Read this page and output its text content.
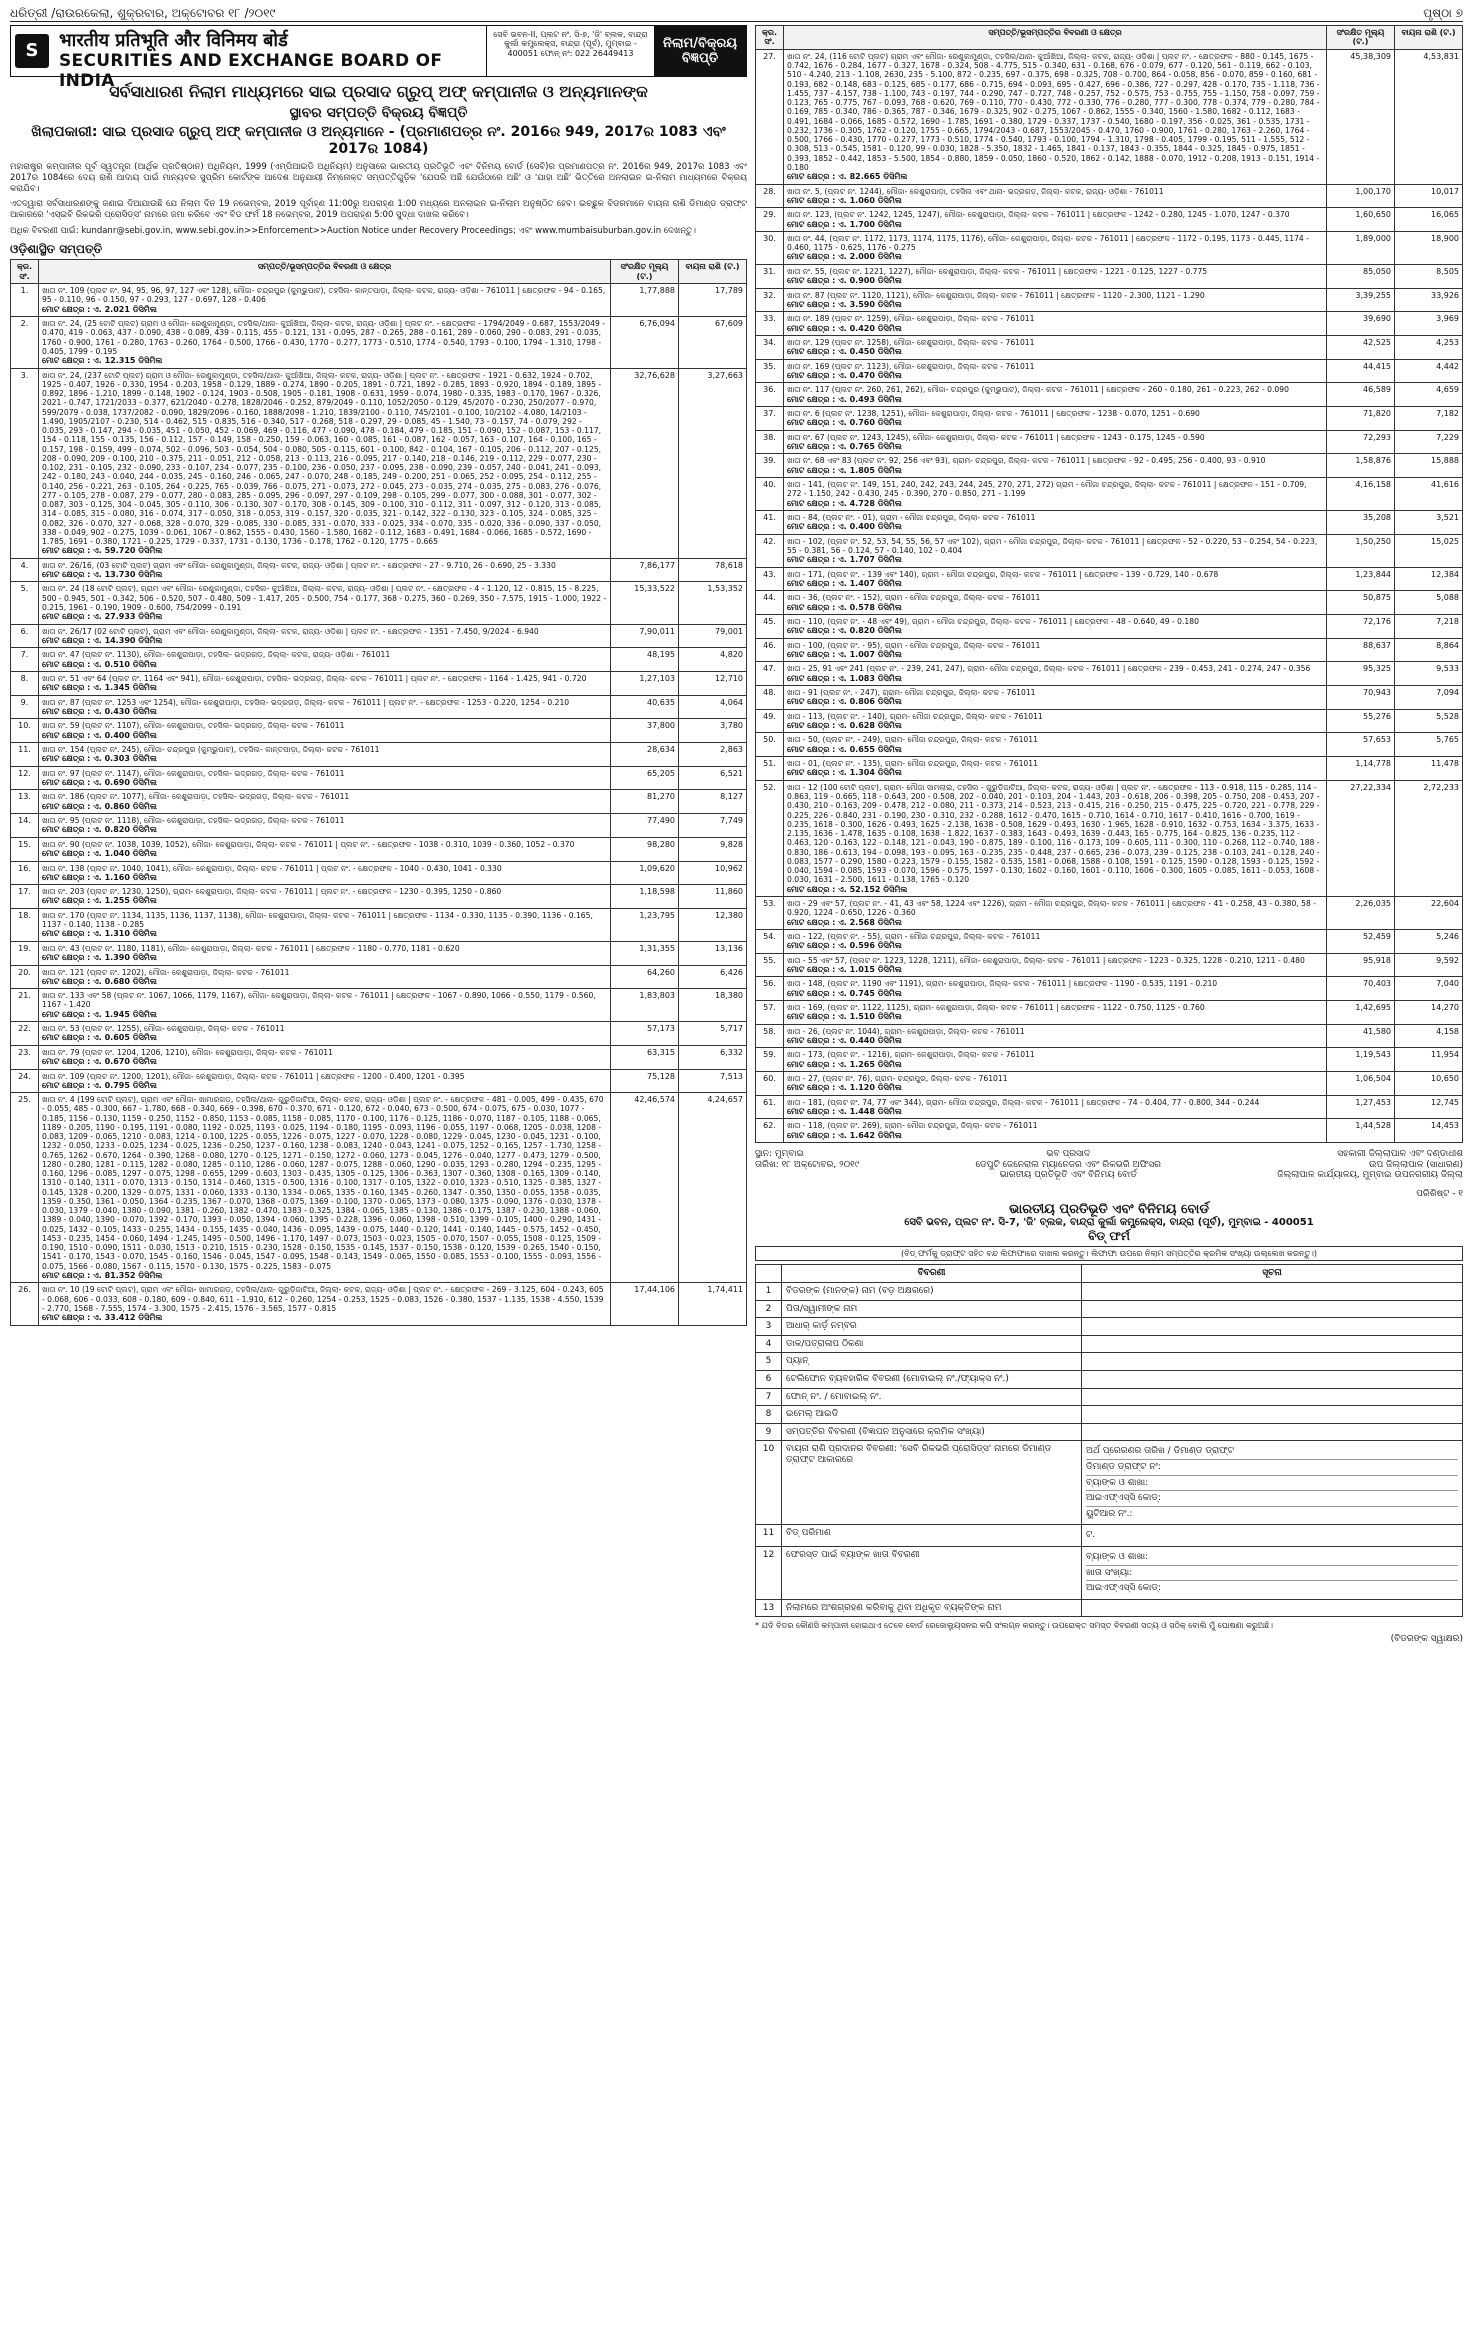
ଧରିତ୍ରୀ /ରାଉରକେଲା, ଶୁକ୍ରବାର, ଅକ୍ଟୋବର ୧୮ /୨୦୧୯	ପୃଷ୍ଠା ୭
S	भारतीय प्रतिभूति और विनिमय बोर्ड
SECURITIES AND EXCHANGE BOARD OF INDIA
ସେବି ଭବନ-II, ପ୍ଲଟ ନଂ. ସି-୭, 'ଜି' ବ୍ଲକ, ବାନ୍ଦ୍ରା କୁର୍ଲା କମ୍ପ୍ଲେକ୍ସ, ବାନ୍ଦ୍ରା (ପୂର୍ବ), ମୁମ୍ବାଇ - 400051 ଫୋନ୍ ନଂ: 022 26449413
ନିଲାମ/ବିକ୍ରୟ ବିଜ୍ଞପ୍ତି
ସର୍ବସାଧାରଣ ନିଲାମ ମାଧ୍ୟମରେ ସାଇ ପ୍ରସାଦ ଗ୍ରୁପ୍ ଅଫ୍ କମ୍ପାନୀଜ ଓ ଅନ୍ୟମାନଙ୍କ
ସ୍ଥାବର ସମ୍ପତ୍ତି ବିକ୍ରୟ ବିଜ୍ଞପ୍ତି
ଖିଲାପକାରୀ: ସାଇ ପ୍ରସାଦ ଗ୍ରୁପ୍ ଅଫ୍ କମ୍ପାନୀଜ ଓ ଅନ୍ୟମାନେ - (ପ୍ରମାଣପତ୍ର ନଂ. 2016ର 949, 2017ର 1083 ଏବଂ 2017ର 1084)
ମହାରାଷ୍ଟ୍ର କମ୍ପାନୀର ପୂର୍ବ ସ୍ୱତନ୍ତ୍ର (ଆର୍ଥିକ ପ୍ରତିଷ୍ଠାନ) ଅଧିନିୟମ, 1999 (ଏମ୍‌ପିଆଇଡି ଅଧିନିୟମ) ଅନୁସାରେ ଭାରତୀୟ ପ୍ରତିଭୂତି ଏବଂ ବିନିମୟ ବୋର୍ଡ (ସେବି)ର ପ୍ରମାଣପତ୍ର ନଂ. 2016ର 949, 2017ର 1083 ଏବଂ 2017ର 1084ରେ ଦେୟ ରାଶି ଆଦାୟ ପାଇଁ ମାନ୍ୟବର ସୁପ୍ରିମ କୋର୍ଟଙ୍କ ଆଦେଶ ଅନୁଯାୟୀ ନିମ୍ନୋକ୍ତ ସମ୍ପତ୍ତିଗୁଡ଼ିକ 'ଯେପରି ଅଛି ଯେଉଁଠାରେ ଅଛି' ଓ 'ଯାହା ଅଛି' ଭିତ୍ତିରେ ଅନଲାଇନ ଇ-ନିଲାମ ମାଧ୍ୟମରେ ବିକ୍ରୟ କରାଯିବ।
ଏତଦ୍ୱାରା ସର୍ବସାଧାରଣଙ୍କୁ ଜଣାଇ ଦିଆଯାଉଛି ଯେ ନିଲାମ ଦିନ 19 ନଭେମ୍ବର, 2019 ପୂର୍ବାହ୍ଣ 11:00ରୁ ଅପରାହ୍ଣ 1:00 ମଧ୍ୟରେ ଅନଲାଇନ ଇ-ନିଲାମ ଅନୁଷ୍ଠିତ ହେବ। ଇଚ୍ଛୁକ ବିଡରମାନେ ବାୟନା ରାଶି ଡିମାଣ୍ଡ ଡ୍ରାଫ୍ଟ ଆକାରରେ 'ଏସ୍‌ଇବି ରିକଭରି ପ୍ରୋସିଡ୍‌ସ' ନାମରେ ଜମା କରିବେ ଏବଂ ବିଡ ଫର୍ମ 18 ନଭେମ୍ବର, 2019 ଅପରାହ୍ଣ 5:00 ସୁଦ୍ଧା ଦାଖଲ କରିବେ।
ଅଧିକ ବିବରଣୀ ପାଇଁ: kundanr@sebi.gov.in, www.sebi.gov.in>>Enforcement>>Auction Notice under Recovery Proceedings; ଏବଂ www.mumbaisuburban.gov.in ଦେଖନ୍ତୁ।
ଓଡ଼ିଶାସ୍ଥିତ ସମ୍ପତ୍ତି
କ୍ର. ସଂ.	ସମ୍ପତ୍ତି/ଭୂସମ୍ପତ୍ତିର ବିବରଣୀ ଓ କ୍ଷେତ୍ର	ସଂରକ୍ଷିତ ମୂଲ୍ୟ (ଟ.)	ବାୟନା ରାଶି (ଟ.)
1.	ଖାତା ନଂ. 109 (ପ୍ଲଟ ନଂ. 94, 95, 96, 97, 127 ଏବଂ 128), ମୌଜା- ଚନ୍ଦ୍ରପୁର (କୁମ୍ଭୁପାଟ), ତହସିଲ- କାନ୍ତପାଡ଼ା, ଜିଲ୍ଲା- କଟକ, ରାଜ୍ୟ- ଓଡ଼ିଶା - 761011 | କ୍ଷେତ୍ରଫଳ - 94 - 0.165, 95 - 0.110, 96 - 0.150, 97 - 0.293, 127 - 0.697, 128 - 0.406
ମୋଟ କ୍ଷେତ୍ର : ଏ. 2.021 ଡିସିମିଲ	1,77,888	17,789
2.	ଖାତା ନଂ. 24, (25 ଟୋଟି ପ୍ଲଟ) ଗ୍ରାମ ଓ ମୌଜା- ରେଣୁକାମୁଣ୍ଡା, ତହସିଲ/ଥାନା- କୁଆଁଖିଆ, ଜିଲ୍ଲା- କଟକ, ରାଜ୍ୟ- ଓଡ଼ିଶା | ପ୍ଲଟ ନଂ. - କ୍ଷେତ୍ରଫଳ - 1794/2049 - 0.687, 1553/2049 - 0.470, 419 - 0.063, 437 - 0.090, 438 - 0.089, 439 - 0.115, 455 - 0.121, 131 - 0.095, 287 - 0.265, 288 - 0.161, 289 - 0.060, 290 - 0.083, 291 - 0.035, 1760 - 0.900, 1761 - 0.280, 1763 - 0.260, 1764 - 0.500, 1766 - 0.430, 1770 - 0.277, 1773 - 0.510, 1774 - 0.540, 1793 - 0.100, 1794 - 1.310, 1798 - 0.405, 1799 - 0.195
ମୋଟ କ୍ଷେତ୍ର : ଏ. 12.315 ଡିସିମିଲ	6,76,094	67,609
3.	ଖାତା ନଂ. 24, (237 ଟୋଟି ପ୍ଲଟ) ଗ୍ରାମ ଓ ମୌଜା- ରେଣୁକାମୁଣ୍ଡା, ତହସିଲ/ଥାନା- କୁଆଁଖିଆ, ଜିଲ୍ଲା- କଟକ, ରାଜ୍ୟ- ଓଡ଼ିଶା | ପ୍ଲଟ ନଂ. - କ୍ଷେତ୍ରଫଳ - 1921 - 0.632, 1924 - 0.702, 1925 - 0.407, 1926 - 0.330, 1954 - 0.203, 1958 - 0.129, 1889 - 0.274, 1890 - 0.205, 1891 - 0.721, 1892 - 0.285, 1893 - 0.920, 1894 - 0.189, 1895 - 0.892, 1896 - 1.210, 1899 - 0.148, 1902 - 0.124, 1903 - 0.508, 1905 - 0.181, 1908 - 0.631, 1959 - 0.074, 1980 - 0.335, 1983 - 0.170, 1967 - 0.326, 2021 - 0.747, 1721/2033 - 0.377, 621/2040 - 0.278, 1828/2046 - 0.252, 879/2049 - 0.110, 1052/2050 - 0.129, 45/2070 - 0.230, 250/2077 - 0.970, 599/2079 - 0.038, 1737/2082 - 0.090, 1829/2096 - 0.160, 1888/2098 - 1.210, 1839/2100 - 0.110, 745/2101 - 0.100, 10/2102 - 4.080, 14/2103 - 1.490, 1905/2107 - 0.230, 514 - 0.462, 515 - 0.835, 516 - 0.340, 517 - 0.268, 518 - 0.297, 29 - 0.085, 45 - 1.540, 73 - 0.157, 74 - 0.079, 292 - 0.035, 293 - 0.147, 294 - 0.035, 451 - 0.050, 452 - 0.069, 469 - 0.116, 477 - 0.090, 478 - 0.184, 479 - 0.185, 151 - 0.090, 152 - 0.087, 153 - 0.117, 154 - 0.118, 155 - 0.135, 156 - 0.112, 157 - 0.149, 158 - 0.250, 159 - 0.063, 160 - 0.085, 161 - 0.087, 162 - 0.057, 163 - 0.107, 164 - 0.100, 165 - 0.157, 198 - 0.159, 499 - 0.074, 502 - 0.096, 503 - 0.054, 504 - 0.080, 505 - 0.115, 601 - 0.100, 842 - 0.104, 167 - 0.105, 206 - 0.112, 207 - 0.125, 208 - 0.090, 209 - 0.100, 210 - 0.375, 211 - 0.051, 212 - 0.058, 213 - 0.113, 216 - 0.095, 217 - 0.140, 218 - 0.146, 219 - 0.112, 229 - 0.077, 230 - 0.102, 231 - 0.105, 232 - 0.090, 233 - 0.107, 234 - 0.077, 235 - 0.100, 236 - 0.050, 237 - 0.095, 238 - 0.090, 239 - 0.057, 240 - 0.041, 241 - 0.093, 242 - 0.180, 243 - 0.040, 244 - 0.035, 245 - 0.160, 246 - 0.065, 247 - 0.070, 248 - 0.185, 249 - 0.200, 251 - 0.065, 252 - 0.095, 254 - 0.112, 255 - 0.140, 256 - 0.221, 263 - 0.105, 264 - 0.225, 765 - 0.039, 766 - 0.075, 271 - 0.073, 272 - 0.045, 273 - 0.035, 274 - 0.035, 275 - 0.083, 276 - 0.076, 277 - 0.105, 278 - 0.087, 279 - 0.077, 280 - 0.083, 285 - 0.095, 296 - 0.097, 297 - 0.109, 298 - 0.105, 299 - 0.077, 300 - 0.088, 301 - 0.077, 302 - 0.087, 303 - 0.125, 304 - 0.045, 305 - 0.110, 306 - 0.130, 307 - 0.170, 308 - 0.145, 309 - 0.100, 310 - 0.112, 311 - 0.097, 312 - 0.120, 313 - 0.085, 314 - 0.085, 315 - 0.080, 316 - 0.074, 317 - 0.050, 318 - 0.053, 319 - 0.157, 320 - 0.035, 321 - 0.142, 322 - 0.130, 323 - 0.105, 324 - 0.085, 325 - 0.082, 326 - 0.070, 327 - 0.068, 328 - 0.070, 329 - 0.085, 330 - 0.085, 331 - 0.070, 333 - 0.025, 334 - 0.070, 335 - 0.020, 336 - 0.090, 337 - 0.050, 338 - 0.049, 902 - 0.275, 1039 - 0.061, 1067 - 0.862, 1555 - 0.430, 1560 - 1.580, 1682 - 0.112, 1683 - 0.491, 1684 - 0.066, 1685 - 0.572, 1690 - 1.785, 1691 - 0.380, 1721 - 0.225, 1729 - 0.337, 1731 - 0.130, 1736 - 0.178, 1762 - 0.120, 1775 - 0.665
ମୋଟ କ୍ଷେତ୍ର : ଏ. 59.720 ଡିସିମିଲ	32,76,628	3,27,663
4.	ଖାତା ନଂ. 26/16, (03 ଟୋଟି ପ୍ଲଟ) ଗ୍ରାମ ଏବଂ ମୌଜା- ରେଣୁକାମୁଣ୍ଡା, ଜିଲ୍ଲା- କଟକ, ରାଜ୍ୟ- ଓଡ଼ିଶା | ପ୍ଲଟ ନଂ. - କ୍ଷେତ୍ରଫଳ - 27 - 9.710, 26 - 0.690, 25 - 3.330
ମୋଟ କ୍ଷେତ୍ର : ଏ. 13.730 ଡିସିମିଲ	7,86,177	78,618
5.	ଖାତା ନଂ. 24 (18 ଟୋଟି ପ୍ଲଟ), ଗ୍ରାମ ଏବଂ ମୌଜା- ରେଣୁକାମୁଣ୍ଡା, ତହସିଲ- କୁଆଁଖିଆ, ଜିଲ୍ଲା- କଟକ, ରାଜ୍ୟ- ଓଡ଼ିଶା | ପ୍ଲଟ ନଂ. - କ୍ଷେତ୍ରଫଳ - 4 - 1.120, 12 - 0.815, 15 - 8.225, 500 - 0.945, 501 - 0.342, 506 - 0.520, 507 - 0.480, 509 - 1.417, 205 - 0.500, 754 - 0.177, 368 - 0.275, 360 - 0.269, 350 - 7.575, 1915 - 1.000, 1922 - 0.215, 1961 - 0.190, 1909 - 0.600, 754/2099 - 0.191
ମୋଟ କ୍ଷେତ୍ର : ଏ. 27.933 ଡିସିମିଲ	15,33,522	1,53,352
6.	ଖାତା ନଂ. 26/17 (02 ଟୋଟି ପ୍ଲଟ), ଗ୍ରାମ ଏବଂ ମୌଜା- ରେଣୁକାମୁଣ୍ଡା, ଜିଲ୍ଲା- କଟକ, ରାଜ୍ୟ- ଓଡ଼ିଶା | ପ୍ଲଟ ନଂ. - କ୍ଷେତ୍ରଫଳ - 1351 - 7.450, 9/2024 - 6.940
ମୋଟ କ୍ଷେତ୍ର : ଏ. 14.390 ଡିସିମିଲ	7,90,011	79,001
7.	ଖାତା ନଂ. 47 (ପ୍ଲଟ ନଂ. 1130), ମୌଜା- କେଶୁରାପାଡ଼ା, ତହସିଲ- ଭଦ୍ରଗଡ଼, ଜିଲ୍ଲା- କଟକ, ରାଜ୍ୟ- ଓଡ଼ିଶା - 761011
ମୋଟ କ୍ଷେତ୍ର : ଏ. 0.510 ଡିସିମିଲ	48,195	4,820
8.	ଖାତା ନଂ. 51 ଏବଂ 64 (ପ୍ଲଟ ନଂ. 1164 ଏବଂ 941), ମୌଜା- କେଶୁରାପାଡ଼ା, ତହସିଲ- ଭଦ୍ରଗଡ଼, ଜିଲ୍ଲା- କଟକ - 761011 | ପ୍ଲଟ ନଂ. - କ୍ଷେତ୍ରଫଳ - 1164 - 1.425, 941 - 0.720
ମୋଟ କ୍ଷେତ୍ର : ଏ. 1.345 ଡିସିମିଲ	1,27,103	12,710
9.	ଖାତା ନଂ. 87 (ପ୍ଲଟ ନଂ. 1253 ଏବଂ 1254), ମୌଜା- କେଶୁରାପାଡ଼ା, ତହସିଲ- ଭଦ୍ରଗଡ଼, ଜିଲ୍ଲା- କଟକ - 761011 | ପ୍ଲଟ ନଂ. - କ୍ଷେତ୍ରଫଳ - 1253 - 0.220, 1254 - 0.210
ମୋଟ କ୍ଷେତ୍ର : ଏ. 0.430 ଡିସିମିଲ	40,635	4,064
10.	ଖାତା ନଂ. 59 (ପ୍ଲଟ ନଂ. 1107), ମୌଜା- କେଶୁରାପାଡ଼ା, ତହସିଲ- ଭଦ୍ରଗଡ଼, ଜିଲ୍ଲା- କଟକ - 761011
ମୋଟ କ୍ଷେତ୍ର : ଏ. 0.400 ଡିସିମିଲ	37,800	3,780
11.	ଖାତା ନଂ. 154 (ପ୍ଲଟ ନଂ. 245), ମୌଜା- ଚନ୍ଦ୍ରପୁର (କୁମ୍ଭୁପାଟ), ତହସିଲ- କାନ୍ତପାଡ଼ା, ଜିଲ୍ଲା- କଟକ - 761011
ମୋଟ କ୍ଷେତ୍ର : ଏ. 0.303 ଡିସିମିଲ	28,634	2,863
12.	ଖାତା ନଂ. 97 (ପ୍ଲଟ ନଂ. 1147), ମୌଜା- କେଶୁରାପାଡ଼ା, ତହସିଲ- ଭଦ୍ରଗଡ଼, ଜିଲ୍ଲା- କଟକ - 761011
ମୋଟ କ୍ଷେତ୍ର : ଏ. 0.690 ଡିସିମିଲ	65,205	6,521
13.	ଖାତା ନଂ. 186 (ପ୍ଲଟ ନଂ. 1077), ମୌଜା- କେଶୁରାପାଡ଼ା, ତହସିଲ- ଭଦ୍ରଗଡ଼, ଜିଲ୍ଲା- କଟକ - 761011
ମୋଟ କ୍ଷେତ୍ର : ଏ. 0.860 ଡିସିମିଲ	81,270	8,127
14.	ଖାତା ନଂ. 95 (ପ୍ଲଟ ନଂ. 1118), ମୌଜା- କେଶୁରାପାଡ଼ା, ତହସିଲ- ଭଦ୍ରଗଡ଼, ଜିଲ୍ଲା- କଟକ - 761011
ମୋଟ କ୍ଷେତ୍ର : ଏ. 0.820 ଡିସିମିଲ	77,490	7,749
15.	ଖାତା ନଂ. 90 (ପ୍ଲଟ ନଂ. 1038, 1039, 1052), ମୌଜା- କେଶୁରାପାଡ଼ା, ଜିଲ୍ଲା- କଟକ - 761011 | ପ୍ଲଟ ନଂ. - କ୍ଷେତ୍ରଫଳ - 1038 - 0.310, 1039 - 0.360, 1052 - 0.370
ମୋଟ କ୍ଷେତ୍ର : ଏ. 1.040 ଡିସିମିଲ	98,280	9,828
16.	ଖାତା ନଂ. 138 (ପ୍ଲଟ ନଂ. 1040, 1041), ମୌଜା- କେଶୁରାପାଡ଼ା, ଜିଲ୍ଲା- କଟକ - 761011 | ପ୍ଲଟ ନଂ. - କ୍ଷେତ୍ରଫଳ - 1040 - 0.430, 1041 - 0.330
ମୋଟ କ୍ଷେତ୍ର : ଏ. 1.160 ଡିସିମିଲ	1,09,620	10,962
17.	ଖାତା ନଂ. 203 (ପ୍ଲଟ ନଂ. 1230, 1250), ଗ୍ରାମ- କେଶୁରାପାଡ଼ା, ଜିଲ୍ଲା- କଟକ - 761011 | ପ୍ଲଟ ନଂ. - କ୍ଷେତ୍ରଫଳ - 1230 - 0.395, 1250 - 0.860
ମୋଟ କ୍ଷେତ୍ର : ଏ. 1.255 ଡିସିମିଲ	1,18,598	11,860
18.	ଖାତା ନଂ. 170 (ପ୍ଲଟ ନଂ. 1134, 1135, 1136, 1137, 1138), ମୌଜା- କେଶୁରାପାଡ଼ା, ଜିଲ୍ଲା- କଟକ - 761011 | କ୍ଷେତ୍ରଫଳ - 1134 - 0.330, 1135 - 0.390, 1136 - 0.165, 1137 - 0.140, 1138 - 0.285
ମୋଟ କ୍ଷେତ୍ର : ଏ. 1.310 ଡିସିମିଲ	1,23,795	12,380
19.	ଖାତା ନଂ. 43 (ପ୍ଲଟ ନଂ. 1180, 1181), ମୌଜା- କେଶୁରାପାଡ଼ା, ଜିଲ୍ଲା- କଟକ - 761011 | କ୍ଷେତ୍ରଫଳ - 1180 - 0.770, 1181 - 0.620
ମୋଟ କ୍ଷେତ୍ର : ଏ. 1.390 ଡିସିମିଲ	1,31,355	13,136
20.	ଖାତା ନଂ. 121 (ପ୍ଲଟ ନଂ. 1202), ମୌଜା- କେଶୁରାପାଡ଼ା, ଜିଲ୍ଲା- କଟକ - 761011
ମୋଟ କ୍ଷେତ୍ର : ଏ. 0.680 ଡିସିମିଲ	64,260	6,426
21.	ଖାତା ନଂ. 133 ଏବଂ 58 (ପ୍ଲଟ ନଂ. 1067, 1066, 1179, 1167), ମୌଜା- କେଶୁରାପାଡ଼ା, ଜିଲ୍ଲା- କଟକ - 761011 | କ୍ଷେତ୍ରଫଳ - 1067 - 0.890, 1066 - 0.550, 1179 - 0.560, 1167 - 1.420
ମୋଟ କ୍ଷେତ୍ର : ଏ. 1.945 ଡିସିମିଲ	1,83,803	18,380
22.	ଖାତା ନଂ. 53 (ପ୍ଲଟ ନଂ. 1255), ମୌଜା- କେଶୁରାପାଡ଼ା, ଜିଲ୍ଲା- କଟକ - 761011
ମୋଟ କ୍ଷେତ୍ର : ଏ. 0.605 ଡିସିମିଲ	57,173	5,717
23.	ଖାତା ନଂ. 79 (ପ୍ଲଟ ନଂ. 1204, 1206, 1210), ମୌଜା- କେଶୁରାପାଡ଼ା, ଜିଲ୍ଲା- କଟକ - 761011
ମୋଟ କ୍ଷେତ୍ର : ଏ. 0.670 ଡିସିମିଲ	63,315	6,332
24.	ଖାତା ନଂ. 109 (ପ୍ଲଟ ନଂ. 1200, 1201), ମୌଜା- କେଶୁରାପାଡ଼ା, ଜିଲ୍ଲା- କଟକ - 761011 | କ୍ଷେତ୍ରଫଳ - 1200 - 0.400, 1201 - 0.395
ମୋଟ କ୍ଷେତ୍ର : ଏ. 0.795 ଡିସିମିଲ	75,128	7,513
25.	ଖାତା ନଂ. 4 (199 ଟୋଟି ପ୍ଲଟ), ଗ୍ରାମ ଏବଂ ମୌଜା- ଖାମାରଗଡ଼, ତହସିଲ/ଥାନା- ଗୁରୁଡ଼ିଜାଟିଆ, ଜିଲ୍ଲା- କଟକ, ରାଜ୍ୟ- ଓଡ଼ିଶା | ପ୍ଲଟ ନଂ. - କ୍ଷେତ୍ରଫଳ - 481 - 0.005, 499 - 0.435, 670 - 0.055, 485 - 0.300, 667 - 1.780, 668 - 0.340, 669 - 0.398, 670 - 0.370, 671 - 0.120, 672 - 0.040, 673 - 0.500, 674 - 0.075, 675 - 0.030, 1077 - 0.185, 1156 - 0.130, 1159 - 0.250, 1152 - 0.850, 1153 - 0.085, 1158 - 0.085, 1170 - 0.100, 1176 - 0.125, 1186 - 0.070, 1187 - 0.105, 1188 - 0.065, 1189 - 0.205, 1190 - 0.195, 1191 - 0.080, 1192 - 0.025, 1193 - 0.025, 1194 - 0.180, 1195 - 0.093, 1196 - 0.055, 1197 - 0.068, 1205 - 0.038, 1208 - 0.083, 1209 - 0.065, 1210 - 0.083, 1214 - 0.100, 1225 - 0.055, 1226 - 0.075, 1227 - 0.070, 1228 - 0.080, 1229 - 0.045, 1230 - 0.045, 1231 - 0.100, 1232 - 0.050, 1233 - 0.025, 1234 - 0.025, 1236 - 0.250, 1237 - 0.160, 1238 - 0.083, 1240 - 0.043, 1241 - 0.075, 1252 - 0.165, 1257 - 1.730, 1258 - 0.765, 1262 - 0.670, 1264 - 0.390, 1268 - 0.080, 1270 - 0.125, 1271 - 0.150, 1272 - 0.060, 1273 - 0.045, 1276 - 0.040, 1277 - 0.473, 1279 - 0.500, 1280 - 0.280, 1281 - 0.115, 1282 - 0.080, 1285 - 0.110, 1286 - 0.060, 1287 - 0.075, 1288 - 0.060, 1290 - 0.035, 1293 - 0.280, 1294 - 0.235, 1295 - 0.160, 1296 - 0.085, 1297 - 0.075, 1298 - 0.655, 1299 - 0.603, 1303 - 0.435, 1305 - 0.125, 1306 - 0.363, 1307 - 0.360, 1308 - 0.165, 1309 - 0.140, 1310 - 0.140, 1311 - 0.070, 1313 - 0.150, 1314 - 0.460, 1315 - 0.500, 1316 - 0.100, 1317 - 0.105, 1322 - 0.010, 1323 - 0.510, 1325 - 0.385, 1327 - 0.145, 1328 - 0.200, 1329 - 0.075, 1331 - 0.060, 1333 - 0.130, 1334 - 0.065, 1335 - 0.160, 1345 - 0.260, 1347 - 0.350, 1350 - 0.055, 1358 - 0.035, 1359 - 0.350, 1361 - 0.050, 1364 - 0.235, 1367 - 0.070, 1368 - 0.075, 1369 - 0.100, 1370 - 0.065, 1373 - 0.080, 1375 - 0.090, 1376 - 0.030, 1378 - 0.030, 1379 - 0.040, 1380 - 0.090, 1381 - 0.260, 1382 - 0.470, 1383 - 0.325, 1384 - 0.065, 1385 - 0.130, 1386 - 0.175, 1387 - 0.230, 1388 - 0.060, 1389 - 0.040, 1390 - 0.070, 1392 - 0.170, 1393 - 0.050, 1394 - 0.060, 1395 - 0.228, 1396 - 0.060, 1398 - 0.510, 1399 - 0.105, 1400 - 0.290, 1431 - 0.025, 1432 - 0.105, 1433 - 0.255, 1434 - 0.155, 1435 - 0.040, 1436 - 0.095, 1439 - 0.075, 1440 - 0.120, 1441 - 0.140, 1445 - 0.575, 1452 - 0.450, 1453 - 0.235, 1454 - 0.060, 1494 - 1.245, 1495 - 0.500, 1496 - 1.170, 1497 - 0.073, 1503 - 0.023, 1505 - 0.070, 1507 - 0.055, 1508 - 0.125, 1509 - 0.190, 1510 - 0.090, 1511 - 0.030, 1513 - 0.210, 1515 - 0.230, 1528 - 0.150, 1535 - 0.145, 1537 - 0.150, 1538 - 0.120, 1539 - 0.265, 1540 - 0.150, 1541 - 0.170, 1543 - 0.070, 1545 - 0.160, 1546 - 0.045, 1547 - 0.095, 1548 - 0.143, 1549 - 0.065, 1550 - 0.085, 1553 - 0.100, 1555 - 0.093, 1556 - 0.075, 1566 - 0.080, 1567 - 0.115, 1570 - 0.130, 1575 - 0.225, 1583 - 0.075
ମୋଟ କ୍ଷେତ୍ର : ଏ. 81.352 ଡିସିମିଲ	42,46,574	4,24,657
26.	ଖାତା ନଂ. 10 (19 ଟୋଟି ପ୍ଲଟ), ଗ୍ରାମ ଏବଂ ମୌଜା- ଖାମାରଗଡ଼, ତହସିଲ/ଥାନା- ଗୁରୁଡ଼ିଜାଟିଆ, ଜିଲ୍ଲା- କଟକ, ରାଜ୍ୟ- ଓଡ଼ିଶା | ପ୍ଲଟ ନଂ. - କ୍ଷେତ୍ରଫଳ - 269 - 3.125, 604 - 0.243, 605 - 0.068, 606 - 0.033, 608 - 0.180, 609 - 0.840, 611 - 1.910, 612 - 0.260, 1254 - 0.253, 1525 - 0.083, 1526 - 0.380, 1537 - 1.135, 1538 - 4.550, 1539 - 2.770, 1568 - 7.555, 1574 - 3.300, 1575 - 2.415, 1576 - 3.565, 1577 - 0.815
ମୋଟ କ୍ଷେତ୍ର : ଏ. 33.412 ଡିସିମିଲ	17,44,106	1,74,411
କ୍ର. ସଂ.	ସମ୍ପତ୍ତି/ଭୂସମ୍ପତ୍ତିର ବିବରଣୀ ଓ କ୍ଷେତ୍ର	ସଂରକ୍ଷିତ ମୂଲ୍ୟ (ଟ.)	ବାୟନା ରାଶି (ଟ.)
27.	ଖାତା ନଂ. 24, (116 ଟୋଟି ପ୍ଲଟ) ଗ୍ରାମ ଏବଂ ମୌଜା- ରେଣୁକାମୁଣ୍ଡା, ତହସିଲ/ଥାନା- କୁଆଁଖିଆ, ଜିଲ୍ଲା- କଟକ, ରାଜ୍ୟ- ଓଡ଼ିଶା | ପ୍ଲଟ ନଂ. - କ୍ଷେତ୍ରଫଳ - 880 - 0.145, 1675 - 0.742, 1676 - 0.284, 1677 - 0.327, 1678 - 0.324, 508 - 4.775, 515 - 0.340, 631 - 0.168, 676 - 0.079, 677 - 0.120, 561 - 0.119, 662 - 0.103, 510 - 4.240, 213 - 1.108, 2630, 235 - 5.100, 872 - 0.235, 697 - 0.375, 698 - 0.325, 708 - 0.700, 864 - 0.058, 856 - 0.070, 859 - 0.160, 681 - 0.193, 682 - 0.148, 683 - 0.125, 685 - 0.177, 686 - 0.715, 694 - 0.093, 695 - 0.427, 696 - 0.386, 727 - 0.297, 428 - 0.170, 735 - 1.118, 736 - 1.455, 737 - 4.157, 738 - 1.100, 743 - 0.197, 744 - 0.290, 747 - 0.727, 748 - 0.257, 752 - 0.575, 753 - 0.755, 755 - 1.150, 758 - 0.097, 759 - 0.123, 765 - 0.775, 767 - 0.093, 768 - 0.620, 769 - 0.110, 770 - 0.430, 772 - 0.330, 776 - 0.280, 777 - 0.300, 778 - 0.374, 779 - 0.280, 784 - 0.169, 785 - 0.340, 786 - 0.365, 787 - 0.346, 1679 - 0.325, 902 - 0.275, 1067 - 0.862, 1555 - 0.340, 1560 - 1.580, 1682 - 0.112, 1683 - 0.491, 1684 - 0.066, 1685 - 0.572, 1690 - 1.785, 1691 - 0.380, 1729 - 0.337, 1737 - 0.540, 1680 - 0.197, 356 - 0.025, 361 - 0.535, 1731 - 0.232, 1736 - 0.305, 1762 - 0.120, 1755 - 0.665, 1794/2043 - 0.687, 1553/2045 - 0.470, 1760 - 0.900, 1761 - 0.280, 1763 - 2.260, 1764 - 0.500, 1766 - 0.430, 1770 - 0.277, 1773 - 0.510, 1774 - 0.540, 1793 - 0.100, 1794 - 1.310, 1798 - 0.405, 1799 - 0.195, 511 - 1.555, 512 - 0.308, 513 - 0.545, 1581 - 0.120, 99 - 0.030, 1828 - 5.350, 1832 - 1.465, 1841 - 0.137, 1843 - 0.355, 1844 - 0.325, 1845 - 0.975, 1851 - 0.393, 1852 - 0.442, 1853 - 5.500, 1854 - 0.880, 1859 - 0.050, 1860 - 0.520, 1862 - 0.142, 1888 - 0.070, 1912 - 0.208, 1913 - 0.151, 1914 - 0.180
ମୋଟ କ୍ଷେତ୍ର : ଏ. 82.665 ଡିସିମିଲ	45,38,309	4,53,831
28.	ଖାତା ନଂ. 5, (ପ୍ଲଟ ନଂ. 1244), ମୌଜା- କେଶୁରାପାଡ଼ା, ତହସିଲ ଏବଂ ଥାନା- ଭଦ୍ରଗଡ଼, ଜିଲ୍ଲା- କଟକ, ରାଜ୍ୟ- ଓଡ଼ିଶା - 761011
ମୋଟ କ୍ଷେତ୍ର : ଏ. 1.060 ଡିସିମିଲ	1,00,170	10,017
29.	ଖାତା ନଂ. 123, (ପ୍ଲଟ ନଂ. 1242, 1245, 1247), ମୌଜା- କେଶୁରାପାଡ଼ା, ଜିଲ୍ଲା- କଟକ - 761011 | କ୍ଷେତ୍ରଫଳ - 1242 - 0.280, 1245 - 1.070, 1247 - 0.370
ମୋଟ କ୍ଷେତ୍ର : ଏ. 1.700 ଡିସିମିଲ	1,60,650	16,065
30.	ଖାତା ନଂ. 44, (ପ୍ଲଟ ନଂ. 1172, 1173, 1174, 1175, 1176), ମୌଜା- କେଶୁରାପାଡ଼ା, ଜିଲ୍ଲା- କଟକ - 761011 | କ୍ଷେତ୍ରଫଳ - 1172 - 0.195, 1173 - 0.445, 1174 - 0.460, 1175 - 0.625, 1176 - 0.275
ମୋଟ କ୍ଷେତ୍ର : ଏ. 2.000 ଡିସିମିଲ	1,89,000	18,900
31.	ଖାତା ନଂ. 55, (ପ୍ଲଟ ନଂ. 1221, 1227), ମୌଜା- କେଶୁରାପାଡ଼ା, ଜିଲ୍ଲା- କଟକ - 761011 | କ୍ଷେତ୍ରଫଳ - 1221 - 0.125, 1227 - 0.775
ମୋଟ କ୍ଷେତ୍ର : ଏ. 0.900 ଡିସିମିଲ	85,050	8,505
32.	ଖାତା ନଂ. 87 (ପ୍ଲଟ ନଂ. 1120, 1121), ମୌଜା- କେଶୁରାପାଡ଼ା, ଜିଲ୍ଲା- କଟକ - 761011 | କ୍ଷେତ୍ରଫଳ - 1120 - 2.300, 1121 - 1.290
ମୋଟ କ୍ଷେତ୍ର : ଏ. 3.590 ଡିସିମିଲ	3,39,255	33,926
33.	ଖାତା ନଂ. 189 (ପ୍ଲଟ ନଂ. 1259), ମୌଜା- କେଶୁରାପାଡ଼ା, ଜିଲ୍ଲା- କଟକ - 761011
ମୋଟ କ୍ଷେତ୍ର : ଏ. 0.420 ଡିସିମିଲ	39,690	3,969
34.	ଖାତା ନଂ. 129 (ପ୍ଲଟ ନଂ. 1258), ମୌଜା- କେଶୁରାପାଡ଼ା, ଜିଲ୍ଲା- କଟକ - 761011
ମୋଟ କ୍ଷେତ୍ର : ଏ. 0.450 ଡିସିମିଲ	42,525	4,253
35.	ଖାତା ନଂ. 169 (ପ୍ଲଟ ନଂ. 1123), ମୌଜା- କେଶୁରାପାଡ଼ା, ଜିଲ୍ଲା- କଟକ - 761011
ମୋଟ କ୍ଷେତ୍ର : ଏ. 0.470 ଡିସିମିଲ	44,415	4,442
36.	ଖାତା ନଂ. 117 (ପ୍ଲଟ ନଂ. 260, 261, 262), ମୌଜା- ଚନ୍ଦ୍ରପୁର (କୁମ୍ଭୁପାଟ), ଜିଲ୍ଲା- କଟକ - 761011 | କ୍ଷେତ୍ରଫଳ - 260 - 0.180, 261 - 0.223, 262 - 0.090
ମୋଟ କ୍ଷେତ୍ର : ଏ. 0.493 ଡିସିମିଲ	46,589	4,659
37.	ଖାତା ନଂ. 6 (ପ୍ଲଟ ନଂ. 1238, 1251), ମୌଜା- କେଶୁରାପାଡ଼ା, ଜିଲ୍ଲା- କଟକ - 761011 | କ୍ଷେତ୍ରଫଳ - 1238 - 0.070, 1251 - 0.690
ମୋଟ କ୍ଷେତ୍ର : ଏ. 0.760 ଡିସିମିଲ	71,820	7,182
38.	ଖାତା ନଂ. 67 (ପ୍ଲଟ ନଂ. 1243, 1245), ମୌଜା- କେଶୁରାପାଡ଼ା, ଜିଲ୍ଲା- କଟକ - 761011 | କ୍ଷେତ୍ରଫଳ - 1243 - 0.175, 1245 - 0.590
ମୋଟ କ୍ଷେତ୍ର : ଏ. 0.765 ଡିସିମିଲ	72,293	7,229
39.	ଖାତା ନଂ. 68 ଏବଂ 83 (ପ୍ଲଟ ନଂ. 92, 256 ଏବଂ 93), ଗ୍ରାମ- ଚନ୍ଦ୍ରପୁର, ଜିଲ୍ଲା- କଟକ - 761011 | କ୍ଷେତ୍ରଫଳ - 92 - 0.495, 256 - 0.400, 93 - 0.910
ମୋଟ କ୍ଷେତ୍ର : ଏ. 1.805 ଡିସିମିଲ	1,58,876	15,888
40.	ଖାତା - 141, (ପ୍ଲଟ ନଂ. 149, 151, 240, 242, 243, 244, 245, 270, 271, 272) ଗ୍ରାମ - ମୌଜା ଚନ୍ଦ୍ରପୁର, ଜିଲ୍ଲା- କଟକ - 761011 | କ୍ଷେତ୍ରଫଳ - 151 - 0.709, 272 - 1.150, 242 - 0.430, 245 - 0.390, 270 - 0.850, 271 - 1.199
ମୋଟ କ୍ଷେତ୍ର : ଏ. 4.728 ଡିସିମିଲ	4,16,158	41,616
41.	ଖାତା - 84, (ପ୍ଲଟ ନଂ. - 01), ଗ୍ରାମ - ମୌଜା ଚନ୍ଦ୍ରପୁର, ଜିଲ୍ଲା- କଟକ - 761011
ମୋଟ କ୍ଷେତ୍ର : ଏ. 0.400 ଡିସିମିଲ	35,208	3,521
42.	ଖାତା - 102, (ପ୍ଲଟ ନଂ. 52, 53, 54, 55, 56, 57 ଏବଂ 102), ଗ୍ରାମ - ମୌଜା ଚନ୍ଦ୍ରପୁର, ଜିଲ୍ଲା- କଟକ - 761011 | କ୍ଷେତ୍ରଫଳ - 52 - 0.220, 53 - 0.254, 54 - 0.223, 55 - 0.381, 56 - 0.124, 57 - 0.140, 102 - 0.404
ମୋଟ କ୍ଷେତ୍ର : ଏ. 1.707 ଡିସିମିଲ	1,50,250	15,025
43.	ଖାତା - 171, (ପ୍ଲଟ ନଂ. - 139 ଏବଂ 140), ଗ୍ରାମ - ମୌଜା ଚନ୍ଦ୍ରପୁର, ଜିଲ୍ଲା- କଟକ - 761011 | କ୍ଷେତ୍ରଫଳ - 139 - 0.729, 140 - 0.678
ମୋଟ କ୍ଷେତ୍ର : ଏ. 1.407 ଡିସିମିଲ	1,23,844	12,384
44.	ଖାତା - 36, (ପ୍ଲଟ ନଂ. - 152), ଗ୍ରାମ - ମୌଜା ଚନ୍ଦ୍ରପୁର, ଜିଲ୍ଲା- କଟକ - 761011
ମୋଟ କ୍ଷେତ୍ର : ଏ. 0.578 ଡିସିମିଲ	50,875	5,088
45.	ଖାତା - 110, (ପ୍ଲଟ ନଂ. - 48 ଏବଂ 49), ଗ୍ରାମ - ମୌଜା ଚନ୍ଦ୍ରପୁର, ଜିଲ୍ଲା- କଟକ - 761011 | କ୍ଷେତ୍ରଫଳ - 48 - 0.640, 49 - 0.180
ମୋଟ କ୍ଷେତ୍ର : ଏ. 0.820 ଡିସିମିଲ	72,176	7,218
46.	ଖାତା - 100, (ପ୍ଲଟ ନଂ. - 95), ଗ୍ରାମ - ମୌଜା ଚନ୍ଦ୍ରପୁର, ଜିଲ୍ଲା- କଟକ - 761011
ମୋଟ କ୍ଷେତ୍ର : ଏ. 1.007 ଡିସିମିଲ	88,637	8,864
47.	ଖାତା - 25, 91 ଏବଂ 241 (ପ୍ଲଟ ନଂ. - 239, 241, 247), ଗ୍ରାମ- ମୌଜା ଚନ୍ଦ୍ରପୁର, ଜିଲ୍ଲା- କଟକ - 761011 | କ୍ଷେତ୍ରଫଳ - 239 - 0.453, 241 - 0.274, 247 - 0.356
ମୋଟ କ୍ଷେତ୍ର : ଏ. 1.083 ଡିସିମିଲ	95,325	9,533
48.	ଖାତା - 91 (ପ୍ଲଟ ନଂ. - 247), ଗ୍ରାମ- ମୌଜା ଚନ୍ଦ୍ରପୁର, ଜିଲ୍ଲା- କଟକ - 761011
ମୋଟ କ୍ଷେତ୍ର : ଏ. 0.806 ଡିସିମିଲ	70,943	7,094
49.	ଖାତା - 113, (ପ୍ଲଟ ନଂ. - 140), ଗ୍ରାମ- ମୌଜା ଚନ୍ଦ୍ରପୁର, ଜିଲ୍ଲା- କଟକ - 761011
ମୋଟ କ୍ଷେତ୍ର : ଏ. 0.628 ଡିସିମିଲ	55,276	5,528
50.	ଖାତା - 50, (ପ୍ଲଟ ନଂ. - 249), ଗ୍ରାମ- ମୌଜା ଚନ୍ଦ୍ରପୁର, ଜିଲ୍ଲା- କଟକ - 761011
ମୋଟ କ୍ଷେତ୍ର : ଏ. 0.655 ଡିସିମିଲ	57,653	5,765
51.	ଖାତା - 01, (ପ୍ଲଟ ନଂ. - 135), ଗ୍ରାମ- ମୌଜା ଚନ୍ଦ୍ରପୁର, ଜିଲ୍ଲା- କଟକ - 761011
ମୋଟ କ୍ଷେତ୍ର : ଏ. 1.304 ଡିସିମିଲ	1,14,778	11,478
52.	ଖାତା - 12 (100 ଟୋଟି ପ୍ଲଟ), ଗ୍ରାମ- ମୌଜା ସାମଲାଇ, ତହସିଲ - ଗୁରୁଡ଼ିଜାଟିଆ, ଜିଲ୍ଲା- କଟକ, ରାଜ୍ୟ- ଓଡ଼ିଶା | ପ୍ଲଟ ନଂ. - କ୍ଷେତ୍ରଫଳ - 113 - 0.918, 115 - 0.285, 114 - 0.863, 119 - 0.665, 118 - 0.643, 200 - 0.508, 202 - 0.040, 201 - 0.103, 204 - 1.443, 203 - 0.618, 206 - 0.398, 205 - 0.750, 208 - 0.453, 207 - 0.430, 210 - 0.163, 209 - 0.478, 212 - 0.080, 211 - 0.373, 214 - 0.523, 213 - 0.415, 216 - 0.250, 215 - 0.475, 225 - 0.720, 221 - 0.778, 229 - 0.225, 226 - 0.840, 231 - 0.190, 230 - 0.310, 232 - 0.288, 1612 - 0.470, 1615 - 0.710, 1614 - 0.710, 1617 - 0.410, 1616 - 0.700, 1619 - 0.235, 1618 - 0.300, 1626 - 0.493, 1625 - 2.138, 1638 - 0.508, 1629 - 0.493, 1630 - 1.965, 1628 - 0.910, 1632 - 0.753, 1634 - 3.375, 1633 - 2.135, 1636 - 1.478, 1635 - 0.108, 1638 - 1.822, 1637 - 0.383, 1643 - 0.493, 1639 - 0.443, 165 - 0.775, 164 - 0.825, 136 - 0.235, 112 - 0.463, 120 - 0.163, 122 - 0.148, 121 - 0.043, 190 - 0.875, 189 - 0.100, 116 - 0.173, 109 - 0.605, 111 - 0.300, 110 - 0.268, 112 - 0.740, 188 - 0.830, 186 - 0.613, 194 - 0.098, 193 - 0.095, 163 - 0.235, 235 - 0.448, 237 - 0.665, 236 - 0.073, 239 - 0.125, 238 - 0.103, 241 - 0.128, 240 - 0.083, 1577 - 0.290, 1580 - 0.223, 1579 - 0.155, 1582 - 0.535, 1581 - 0.068, 1588 - 0.108, 1591 - 0.125, 1590 - 0.128, 1593 - 0.125, 1592 - 0.040, 1594 - 0.085, 1593 - 0.070, 1596 - 0.575, 1597 - 0.130, 1602 - 0.160, 1601 - 0.110, 1606 - 0.300, 1605 - 0.085, 1611 - 0.053, 1608 - 0.030, 1631 - 2.500, 1611 - 0.138, 1765 - 0.120
ମୋଟ କ୍ଷେତ୍ର : ଏ. 52.152 ଡିସିମିଲ	27,22,334	2,72,233
53.	ଖାତା - 29 ଏବଂ 57, (ପ୍ଲଟ ନଂ. - 41, 43 ଏବଂ 58, 1224 ଏବଂ 1226), ଗ୍ରାମ - ମୌଜା ଚନ୍ଦ୍ରପୁର, ଜିଲ୍ଲା- କଟକ - 761011 | କ୍ଷେତ୍ରଫଳ - 41 - 0.258, 43 - 0.380, 58 - 0.920, 1224 - 0.650, 1226 - 0.360
ମୋଟ କ୍ଷେତ୍ର : ଏ. 2.568 ଡିସିମିଲ	2,26,035	22,604
54.	ଖାତା - 122, (ପ୍ଲଟ ନଂ. - 55), ଗ୍ରାମ - ମୌଜା ଚନ୍ଦ୍ରପୁର, ଜିଲ୍ଲା- କଟକ - 761011
ମୋଟ କ୍ଷେତ୍ର : ଏ. 0.596 ଡିସିମିଲ	52,459	5,246
55.	ଖାତା - 55 ଏବଂ 57, (ପ୍ଲଟ ନଂ. 1223, 1228, 1211), ମୌଜା- କେଶୁରାପାଡ଼ା, ଜିଲ୍ଲା- କଟକ - 761011 | କ୍ଷେତ୍ରଫଳ - 1223 - 0.325, 1228 - 0.210, 1211 - 0.480
ମୋଟ କ୍ଷେତ୍ର : ଏ. 1.015 ଡିସିମିଲ	95,918	9,592
56.	ଖାତା - 148, (ପ୍ଲଟ ନଂ. 1190 ଏବଂ 1191), ଗ୍ରାମ- କେଶୁରାପାଡ଼ା, ଜିଲ୍ଲା- କଟକ - 761011 | କ୍ଷେତ୍ରଫଳ - 1190 - 0.535, 1191 - 0.210
ମୋଟ କ୍ଷେତ୍ର : ଏ. 0.745 ଡିସିମିଲ	70,403	7,040
57.	ଖାତା - 169, (ପ୍ଲଟ ନଂ. 1122, 1125), ଗ୍ରାମ- କେଶୁରାପାଡ଼ା, ଜିଲ୍ଲା- କଟକ - 761011 | କ୍ଷେତ୍ରଫଳ - 1122 - 0.750, 1125 - 0.760
ମୋଟ କ୍ଷେତ୍ର : ଏ. 1.510 ଡିସିମିଲ	1,42,695	14,270
58.	ଖାତା - 26, (ପ୍ଲଟ ନଂ. 1044), ଗ୍ରାମ- କେଶୁରାପାଡ଼ା, ଜିଲ୍ଲା- କଟକ - 761011
ମୋଟ କ୍ଷେତ୍ର : ଏ. 0.440 ଡିସିମିଲ	41,580	4,158
59.	ଖାତା - 173, (ପ୍ଲଟ ନଂ. - 1216), ଗ୍ରାମ- କେଶୁରାପାଡ଼ା, ଜିଲ୍ଲା- କଟକ - 761011
ମୋଟ କ୍ଷେତ୍ର : ଏ. 1.265 ଡିସିମିଲ	1,19,543	11,954
60.	ଖାତା - 27, (ପ୍ଲଟ ନଂ. 76), ଗ୍ରାମ- ଚନ୍ଦ୍ରପୁର, ଜିଲ୍ଲା- କଟକ - 761011
ମୋଟ କ୍ଷେତ୍ର : ଏ. 1.120 ଡିସିମିଲ	1,06,504	10,650
61.	ଖାତା - 181, (ପ୍ଲଟ ନଂ. 74, 77 ଏବଂ 344), ଗ୍ରାମ- ମୌଜା ଚନ୍ଦ୍ରପୁର, ଜିଲ୍ଲା- କଟକ - 761011 | କ୍ଷେତ୍ରଫଳ - 74 - 0.404, 77 - 0.800, 344 - 0.244
ମୋଟ କ୍ଷେତ୍ର : ଏ. 1.448 ଡିସିମିଲ	1,27,453	12,745
62.	ଖାତା - 118, (ପ୍ଲଟ ନଂ. 269), ଗ୍ରାମ- ମୌଜା ଚନ୍ଦ୍ରପୁର, ଜିଲ୍ଲା- କଟକ - 761011
ମୋଟ କ୍ଷେତ୍ର : ଏ. 1.642 ଡିସିମିଲ	1,44,528	14,453
ସ୍ଥାନ: ମୁମ୍ବାଇ
ତାରିଖ: ୧୮ ଅକ୍ଟୋବର, ୨୦୧୯
ଭବ ପ୍ରସାଦ
ଡେପୁଟି ଜେନେରାଲ ମ୍ୟାନେଜର ଏବଂ ରିକଭରି ଅଫିସର
ଭାରତୀୟ ପ୍ରତିଭୂତି ଏବଂ ବିନିମୟ ବୋର୍ଡ
ସହକାରୀ ଜିଲ୍ଲାପାଳ ଏବଂ ଦଣ୍ଡାଧୀଶ
ଉପ ଜିଲ୍ଲାପାଳ (ସାଧାରଣ)
ଜିଲ୍ଲାପାଳ କାର୍ଯ୍ୟାଳୟ, ମୁମ୍ବାଇ ଉପନଗରୀୟ ଜିଲ୍ଲା
ପରିଶିଷ୍ଟ - ୧
ଭାରତୀୟ ପ୍ରତିଭୂତି ଏବଂ ବିନିମୟ ବୋର୍ଡ
ସେବି ଭବନ, ପ୍ଲଟ ନଂ. ସି-7, 'ଜି' ବ୍ଲକ, ବାନ୍ଦ୍ରା କୁର୍ଲା କମ୍ପ୍ଲେକ୍ସ, ବାନ୍ଦ୍ରା (ପୂର୍ବ), ମୁମ୍ବାଇ - 400051
ବିଡ୍ ଫର୍ମ
(ବିଡ୍ ଫର୍ମକୁ ଡ୍ରାଫ୍ଟ ସହିତ ବନ୍ଦ ଲିଫାଫାରେ ଦାଖଲ କରନ୍ତୁ। ଲିଫାଫା ଉପରେ ନିଲାମ ସମ୍ପତ୍ତିର କ୍ରମିକ ସଂଖ୍ୟା ଉଲ୍ଲେଖ କରନ୍ତୁ।)
	ବିବରଣୀ	ସୂଚନା
1	ବିଡରଙ୍କ (ମାନଙ୍କ) ନାମ (ବଡ଼ ଅକ୍ଷରରେ)	
2	ପିତା/ସ୍ୱାମୀଙ୍କ ନାମ	
3	ଆଧାର୍ କାର୍ଡ଼ ନମ୍ବର	
4	ଡାକ/ପତ୍ରାଳାପ ଠିକଣା	
5	ପ୍ୟାନ୍	
6	ଟେଲିଫୋନ ବ୍ୟବହାରିକ ବିବରଣୀ (ମୋବାଇଲ୍ ନଂ./ଫ୍ୟାକ୍ସ ନଂ.)	
7	ଫୋନ୍ ନଂ. / ମୋବାଇଲ୍ ନଂ.	
8	ଇମେଲ୍ ଆଇଡି	
9	ସମ୍ପତ୍ତିର ବିବରଣୀ (ବିଜ୍ଞାପନ ଅନୁସାରେ କ୍ରମିକ ସଂଖ୍ୟା)	
10	ବାୟନା ରାଶି ପ୍ରଦାନର ବିବରଣୀ: 'ସେବି ରିକଭରି ପ୍ରୋସିଡ୍‌ସ' ନାମରେ ଡିମାଣ୍ଡ ଡ୍ରାଫ୍ଟ ଆକାରରେ	ଅର୍ଥ ପ୍ରେରଣର ତାରିଖ / ଡିମାଣ୍ଡ ଡ୍ରାଫ୍ଟ
ଡିମାଣ୍ଡ ଡ୍ରାଫ୍ଟ ନଂ:
ବ୍ୟାଙ୍କ ଓ ଶାଖା:
ଆଇଏଫ୍‌ଏସ୍‌ସି କୋଡ୍:
ୟୁଟିଆର ନଂ.:

11	ବିଡ୍ ପରିମାଣ	ଟ.

12	ଫେରସ୍ତ ପାଇଁ ବ୍ୟାଙ୍କ ଖାତା ବିବରଣୀ	ବ୍ୟାଙ୍କ ଓ ଶାଖା:
ଖାତା ସଂଖ୍ୟା:
ଆଇଏଫ୍‌ଏସ୍‌ସି କୋଡ୍:

13	ନିଲାମରେ ଅଂଶଗ୍ରହଣ କରିବାକୁ ଥିବା ଅଧିକୃତ ବ୍ୟକ୍ତିଙ୍କ ନାମ	
* ଯଦି ବିଡର କୌଣସି କମ୍ପାନୀ ହୋଇଥାଏ ତେବେ ବୋର୍ଡ ରେଜୋଲ୍ୟୁସନର କପି ସଂଲଗ୍ନ କରନ୍ତୁ। ଉପରୋକ୍ତ ସମସ୍ତ ବିବରଣୀ ସତ୍ୟ ଓ ସଠିକ୍ ବୋଲି ମୁଁ ଘୋଷଣା କରୁଅଛି।
(ବିଡରଙ୍କ ସ୍ୱାକ୍ଷର)
